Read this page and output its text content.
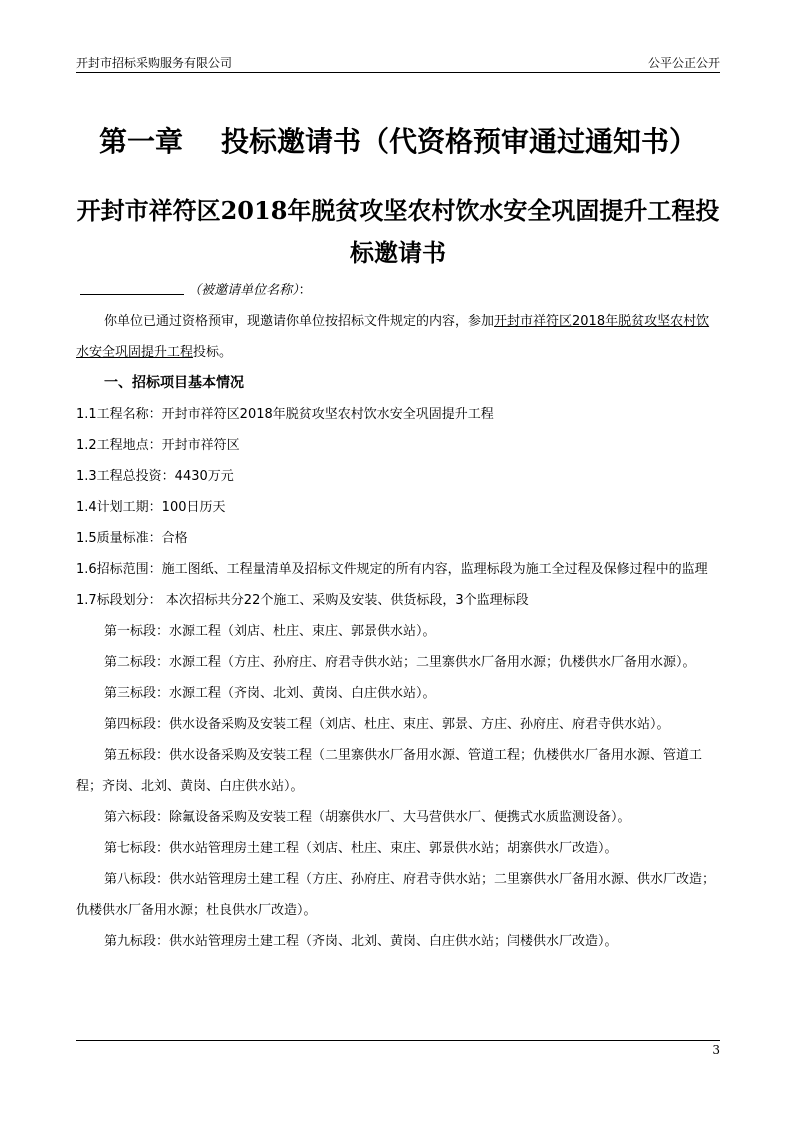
开封市招标采购服务有限公司	公平公正公开
第一章 投标邀请书（代资格预审通过通知书）
开封市祥符区2018年脱贫攻坚农村饮水安全巩固提升工程投标邀请书

（被邀请单位名称）：

你单位已通过资格预审，现邀请你单位按招标文件规定的内容，参加开封市祥符区2018年脱贫攻坚农村饮水安全巩固提升工程投标。

一、招标项目基本情况

1.1工程名称：开封市祥符区2018年脱贫攻坚农村饮水安全巩固提升工程

1.2工程地点：开封市祥符区

1.3工程总投资：4430万元

1.4计划工期：100日历天

1.5质量标准：合格

1.6招标范围：施工图纸、工程量清单及招标文件规定的所有内容，监理标段为施工全过程及保修过程中的监理

1.7标段划分： 本次招标共分22个施工、采购及安装、供货标段，3个监理标段

第一标段：水源工程（刘店、杜庄、束庄、郭景供水站）。

第二标段：水源工程（方庄、孙府庄、府君寺供水站；二里寨供水厂备用水源；仇楼供水厂备用水源）。

第三标段：水源工程（齐岗、北刘、黄岗、白庄供水站）。

第四标段：供水设备采购及安装工程（刘店、杜庄、束庄、郭景、方庄、孙府庄、府君寺供水站）。

第五标段：供水设备采购及安装工程（二里寨供水厂备用水源、管道工程；仇楼供水厂备用水源、管道工程；齐岗、北刘、黄岗、白庄供水站）。

第六标段：除氟设备采购及安装工程（胡寨供水厂、大马营供水厂、便携式水质监测设备）。

第七标段：供水站管理房土建工程（刘店、杜庄、束庄、郭景供水站；胡寨供水厂改造）。

第八标段：供水站管理房土建工程（方庄、孙府庄、府君寺供水站；二里寨供水厂备用水源、供水厂改造；仇楼供水厂备用水源；杜良供水厂改造）。

第九标段：供水站管理房土建工程（齐岗、北刘、黄岗、白庄供水站；闫楼供水厂改造）。

3
